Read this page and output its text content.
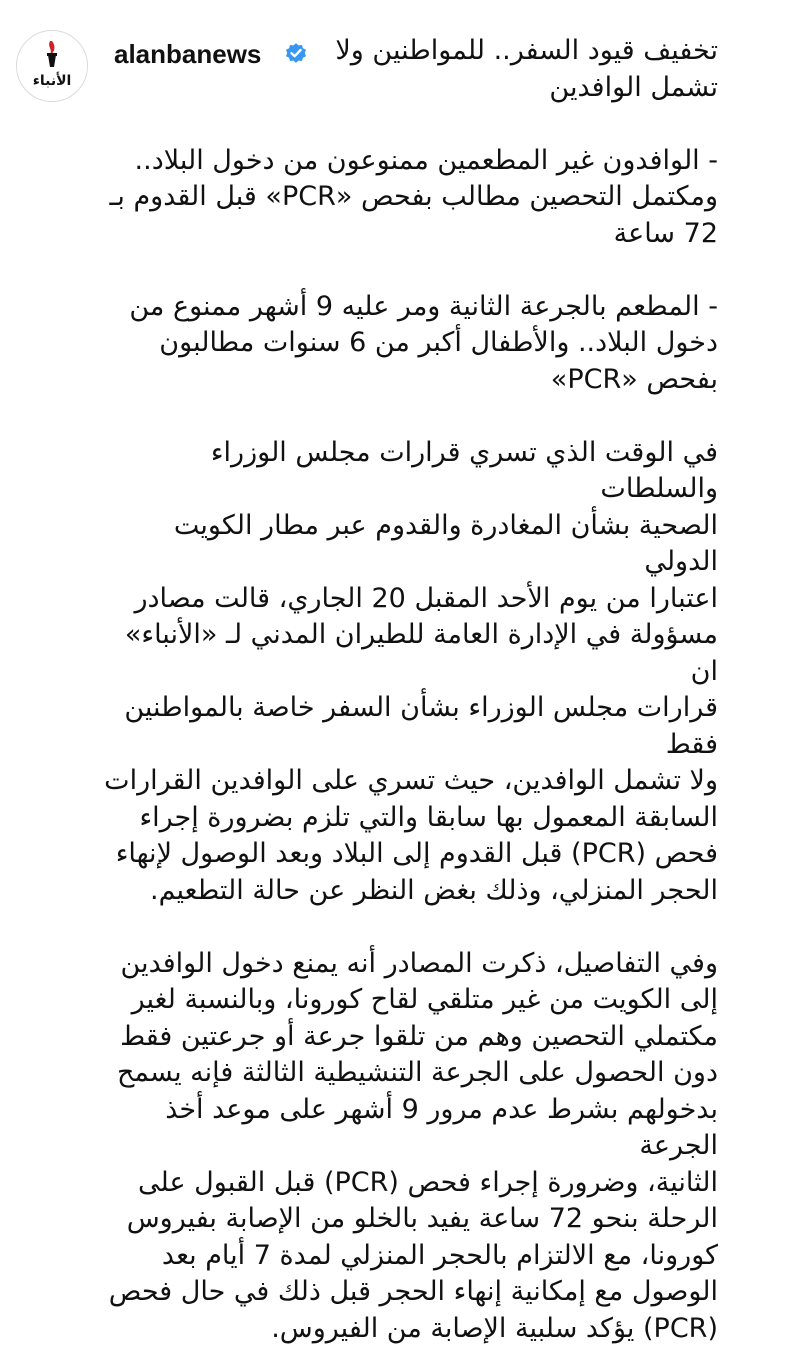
الأنباء
alanbanews	تخفيف قيود السفر.. للمواطنين ولا

تشمل الوافدين

- الوافدون غير المطعمين ممنوعون من دخول البلاد..
ومكتمل التحصين مطالب بفحص «PCR» قبل القدوم بـ
72 ساعة

- المطعم بالجرعة الثانية ومر عليه 9 أشهر ممنوع من
دخول البلاد.. والأطفال أكبر من 6 سنوات مطالبون
بفحص «PCR»

في الوقت الذي تسري قرارات مجلس الوزراء والسلطات
الصحية بشأن المغادرة والقدوم عبر مطار الكويت الدولي
اعتبارا من يوم الأحد المقبل 20 الجاري، قالت مصادر
مسؤولة في الإدارة العامة للطيران المدني لـ «الأنباء» ان
قرارات مجلس الوزراء بشأن السفر خاصة بالمواطنين فقط
ولا تشمل الوافدين، حيث تسري على الوافدين القرارات
السابقة المعمول بها سابقا والتي تلزم بضرورة إجراء
فحص (PCR) قبل القدوم إلى البلاد وبعد الوصول لإنهاء
الحجر المنزلي، وذلك بغض النظر عن حالة التطعيم.

وفي التفاصيل، ذكرت المصادر أنه يمنع دخول الوافدين
إلى الكويت من غير متلقي لقاح كورونا، وبالنسبة لغير
مكتملي التحصين وهم من تلقوا جرعة أو جرعتين فقط
دون الحصول على الجرعة التنشيطية الثالثة فإنه يسمح
بدخولهم بشرط عدم مرور 9 أشهر على موعد أخذ الجرعة
الثانية، وضرورة إجراء فحص (PCR) قبل القبول على
الرحلة بنحو 72 ساعة يفيد بالخلو من الإصابة بفيروس
كورونا، مع الالتزام بالحجر المنزلي لمدة 7 أيام بعد
الوصول مع إمكانية إنهاء الحجر قبل ذلك في حال فحص
(PCR) يؤكد سلبية الإصابة من الفيروس.
